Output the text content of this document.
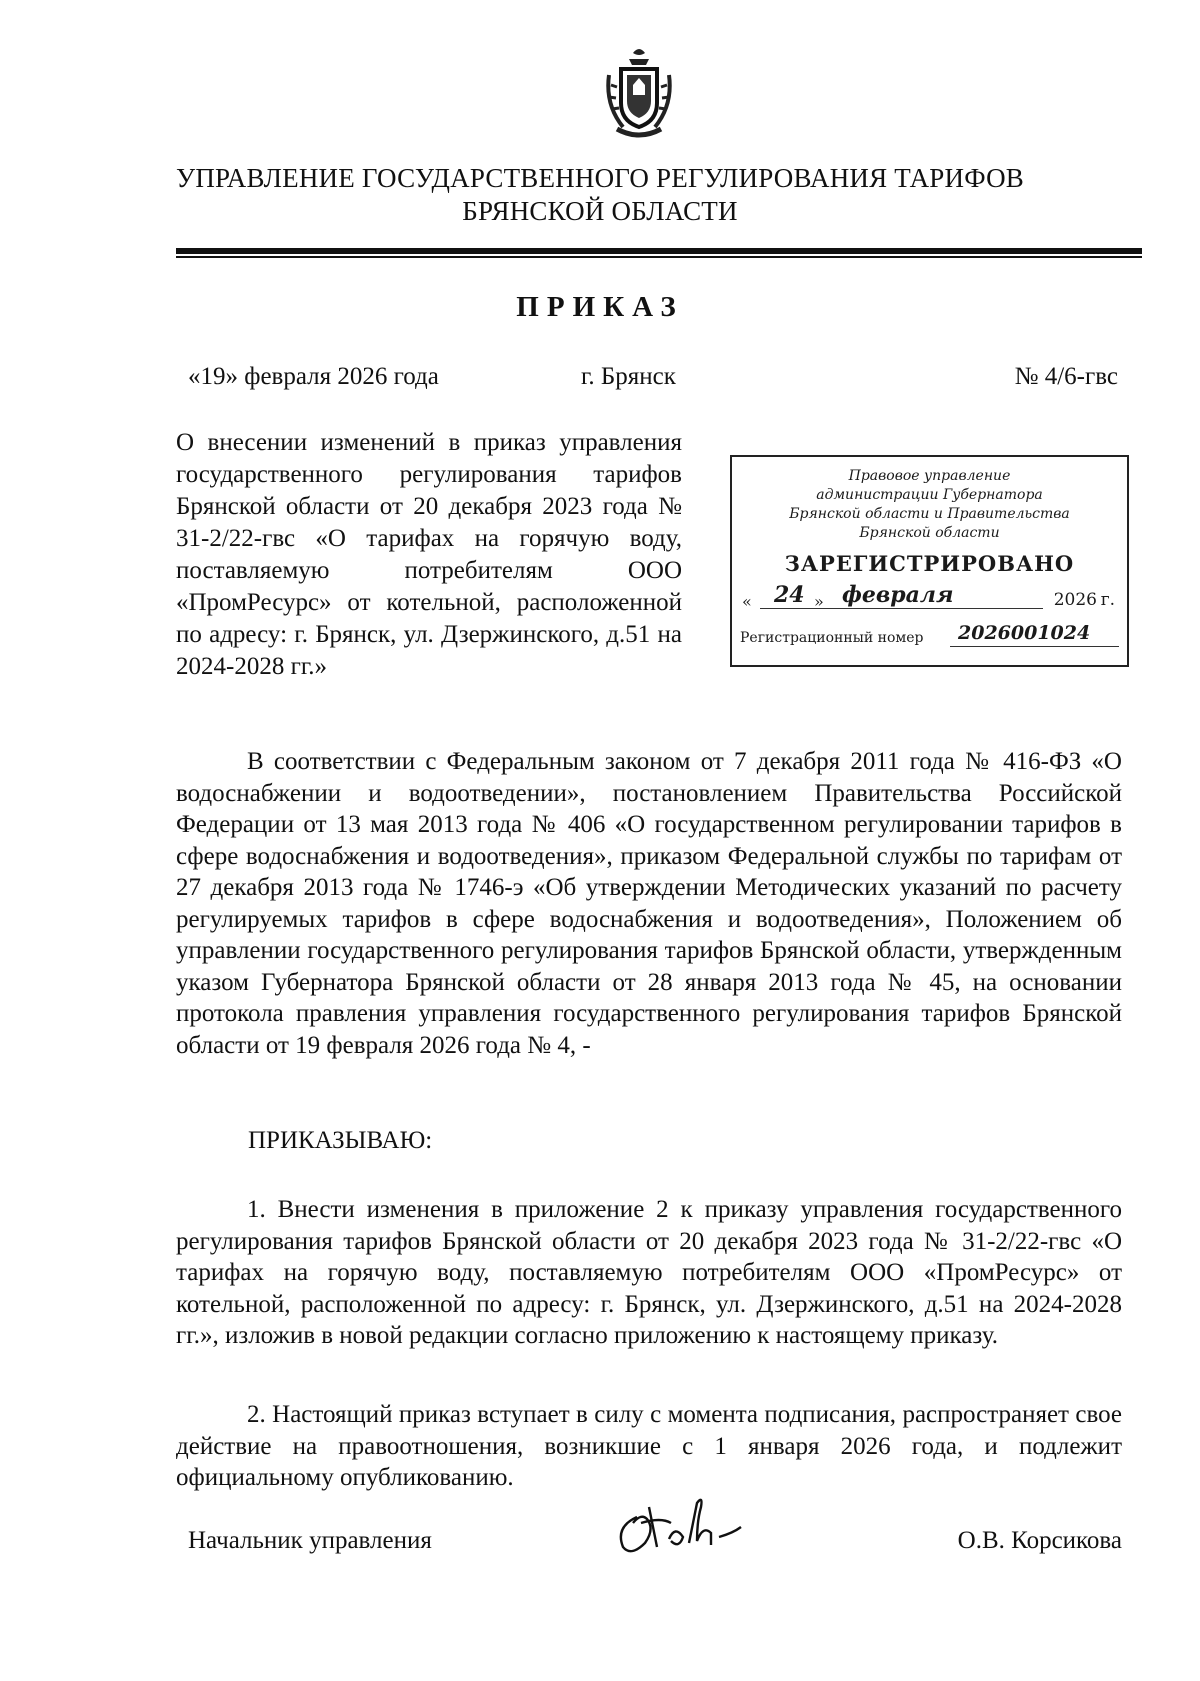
УПРАВЛЕНИЕ ГОСУДАРСТВЕННОГО РЕГУЛИРОВАНИЯ ТАРИФОВ
БРЯНСКОЙ ОБЛАСТИ
ПРИКАЗ
«19» февраля 2026 года	г. Брянск	№ 4/6-гвс
О внесении изменений в приказ управления государственного регулирования тарифов Брянской области от 20 декабря 2023 года № 31-2/22-гвс «О тарифах на горячую воду, поставляемую потребителям ООО «ПромРесурс» от котельной, расположенной по адресу: г. Брянск, ул. Дзержинского, д.51 на 2024-2028 гг.»
Правовое управление
администрации Губернатора
Брянской области и Правительства
Брянской области
ЗАРЕГИСТРИРОВАНО
« 24 » февраля	2026 г.
Регистрационный номер 2026001024
В соответствии с Федеральным законом от 7 декабря 2011 года № 416-ФЗ «О водоснабжении и водоотведении», постановлением Правительства Российской Федерации от 13 мая 2013 года № 406 «О государственном регулировании тарифов в сфере водоснабжения и водоотведения», приказом Федеральной службы по тарифам от 27 декабря 2013 года № 1746-э «Об утверждении Методических указаний по расчету регулируемых тарифов в сфере водоснабжения и водоотведения», Положением об управлении государственного регулирования тарифов Брянской области, утвержденным указом Губернатора Брянской области от 28 января 2013 года № 45, на основании протокола правления управления государственного регулирования тарифов Брянской области от 19 февраля 2026 года № 4, -
ПРИКАЗЫВАЮ:
1. Внести изменения в приложение 2 к приказу управления государственного регулирования тарифов Брянской области от 20 декабря 2023 года № 31-2/22-гвс «О тарифах на горячую воду, поставляемую потребителям ООО «ПромРесурс» от котельной, расположенной по адресу: г. Брянск, ул. Дзержинского, д.51 на 2024-2028 гг.», изложив в новой редакции согласно приложению к настоящему приказу.
2. Настоящий приказ вступает в силу с момента подписания, распространяет свое действие на правоотношения, возникшие с 1 января 2026 года, и подлежит официальному опубликованию.
Начальник управления	О.В. Корсикова
